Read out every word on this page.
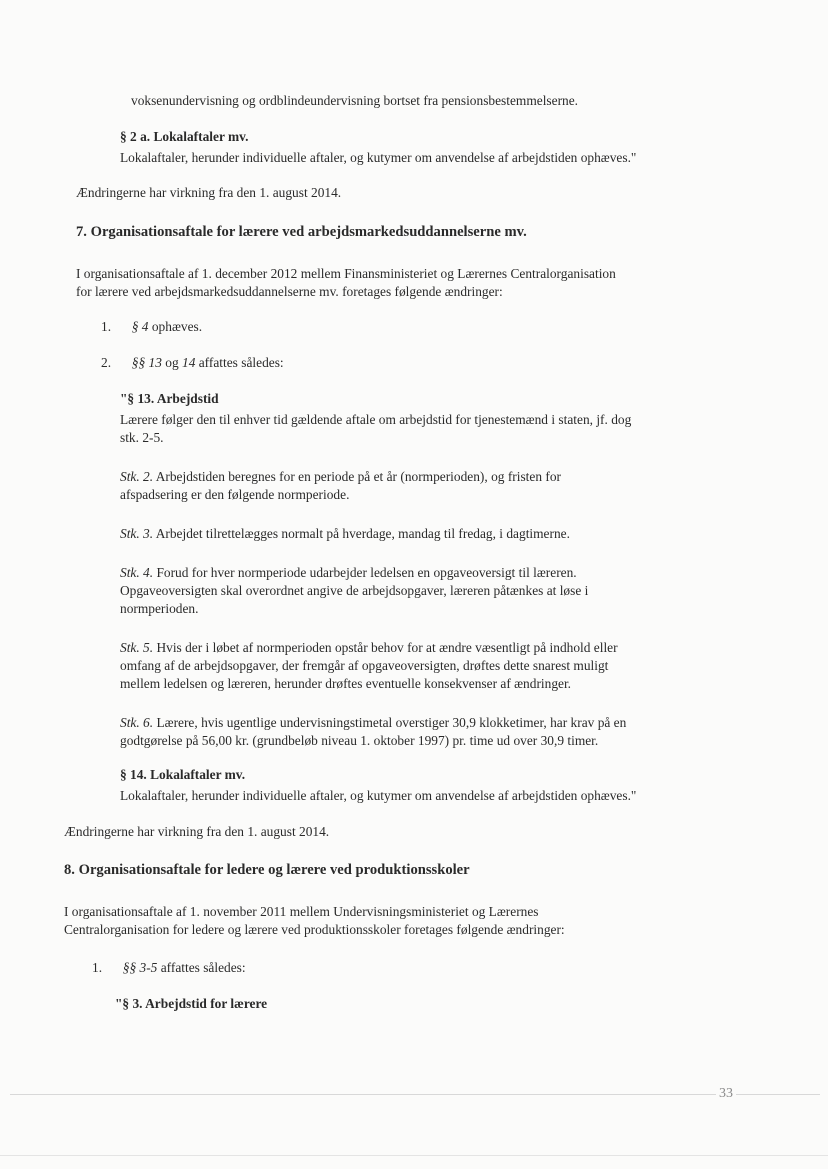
voksenundervisning og ordblindeundervisning bortset fra pensionsbestemmelserne.
§ 2 a. Lokalaftaler mv.
Lokalaftaler, herunder individuelle aftaler, og kutymer om anvendelse af arbejdstiden ophæves."
Ændringerne har virkning fra den 1. august 2014.
7. Organisationsaftale for lærere ved arbejdsmarkedsuddannelserne mv.
I organisationsaftale af 1. december 2012 mellem Finansministeriet og Lærernes Centralorganisation
for lærere ved arbejdsmarkedsuddannelserne mv. foretages følgende ændringer:
1. § 4 ophæves.
2. §§ 13 og 14 affattes således:
"§ 13. Arbejdstid
Lærere følger den til enhver tid gældende aftale om arbejdstid for tjenestemænd i staten, jf. dog
stk. 2-5.
Stk. 2. Arbejdstiden beregnes for en periode på et år (normperioden), og fristen for
afspadsering er den følgende normperiode.
Stk. 3. Arbejdet tilrettelægges normalt på hverdage, mandag til fredag, i dagtimerne.
Stk. 4. Forud for hver normperiode udarbejder ledelsen en opgaveoversigt til læreren.
Opgaveoversigten skal overordnet angive de arbejdsopgaver, læreren påtænkes at løse i
normperioden.
Stk. 5. Hvis der i løbet af normperioden opstår behov for at ændre væsentligt på indhold eller
omfang af de arbejdsopgaver, der fremgår af opgaveoversigten, drøftes dette snarest muligt
mellem ledelsen og læreren, herunder drøftes eventuelle konsekvenser af ændringer.
Stk. 6. Lærere, hvis ugentlige undervisningstimetal overstiger 30,9 klokketimer, har krav på en
godtgørelse på 56,00 kr. (grundbeløb niveau 1. oktober 1997) pr. time ud over 30,9 timer.
§ 14. Lokalaftaler mv.
Lokalaftaler, herunder individuelle aftaler, og kutymer om anvendelse af arbejdstiden ophæves."
Ændringerne har virkning fra den 1. august 2014.
8. Organisationsaftale for ledere og lærere ved produktionsskoler
I organisationsaftale af 1. november 2011 mellem Undervisningsministeriet og Lærernes
Centralorganisation for ledere og lærere ved produktionsskoler foretages følgende ændringer:
1. §§ 3-5 affattes således:
"§ 3. Arbejdstid for lærere
33
